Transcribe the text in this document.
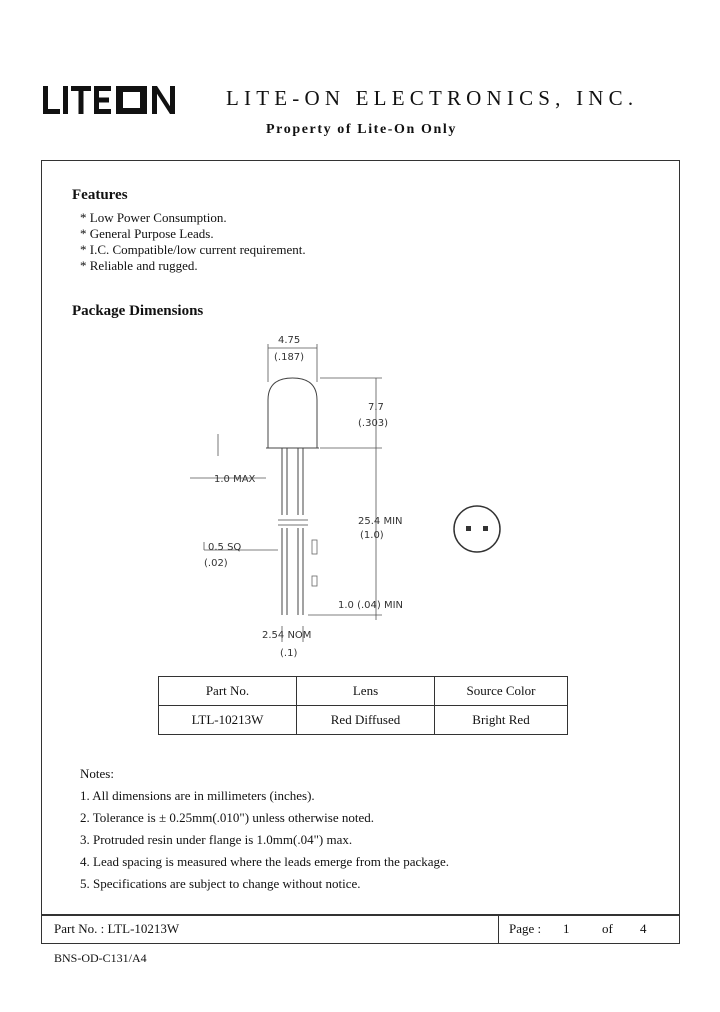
LITE-ON ELECTRONICS, INC.
Property of Lite-On Only
Features
* Low Power Consumption.
* General Purpose Leads.
* I.C. Compatible/low current requirement.
* Reliable and rugged.
Package Dimensions
4.75
(.187)
7.7
(.303)
1.0 MAX
25.4 MIN
(1.0)
1.0 (.04) MIN
0.5 SQ
(.02)
2.54 NOM
(.1)
Part No.	Lens	Source Color
LTL-10213W	Red Diffused	Bright Red
Notes:
1. All dimensions are in millimeters (inches).
2. Tolerance is ± 0.25mm(.010") unless otherwise noted.
3. Protruded resin under flange is 1.0mm(.04") max.
4. Lead spacing is measured where the leads emerge from the package.
5. Specifications are subject to change without notice.
Part No. : LTL-10213W	Page : 1	of 4
BNS-OD-C131/A4
